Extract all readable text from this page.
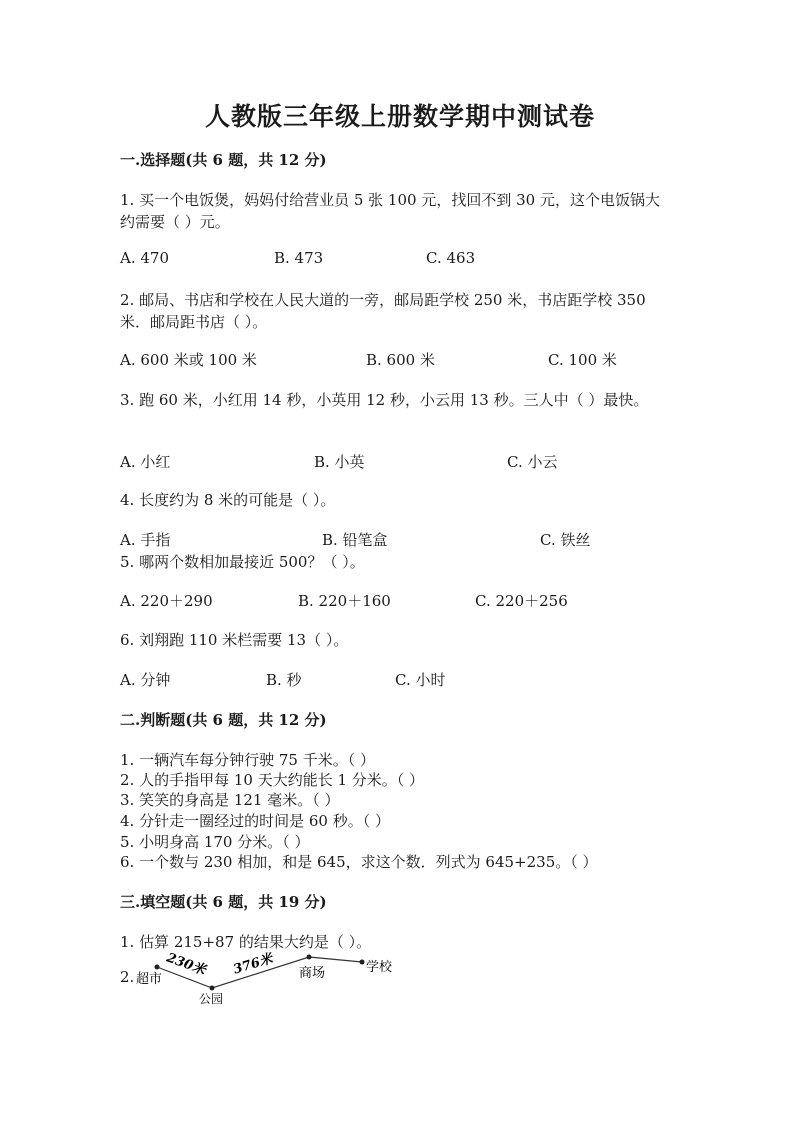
人教版三年级上册数学期中测试卷
一.选择题(共 6 题，共 12 分)
1. 买一个电饭煲，妈妈付给营业员 5 张 100 元，找回不到 30 元，这个电饭锅大
约需要（ ）元。
A. 470	B. 473	C. 463
2. 邮局、书店和学校在人民大道的一旁，邮局距学校 250 米，书店距学校 350
米．邮局距书店（ ）。
A. 600 米或 100 米	B. 600 米	C. 100 米
3. 跑 60 米，小红用 14 秒，小英用 12 秒，小云用 13 秒。三人中（ ）最快。
A. 小红	B. 小英	C. 小云
4. 长度约为 8 米的可能是（ ）。
A. 手指	B. 铅笔盒	C. 铁丝
5. 哪两个数相加最接近 500？（ ）。
A. 220＋290	B. 220＋160	C. 220＋256
6. 刘翔跑 110 米栏需要 13（ ）。
A. 分钟	B. 秒	C. 小时
二.判断题(共 6 题，共 12 分)
1. 一辆汽车每分钟行驶 75 千米。（ ）
2. 人的手指甲每 10 天大约能长 1 分米。（ ）
3. 笑笑的身高是 121 毫米。（ ）
4. 分针走一圈经过的时间是 60 秒。（ ）
5. 小明身高 170 分米。（ ）
6. 一个数与 230 相加，和是 645，求这个数．列式为 645+235。（ ）
三.填空题(共 6 题，共 19 分)
1. 估算 215+87 的结果大约是（ ）。
2. 超市
公园
商场	学校
230米 376米
